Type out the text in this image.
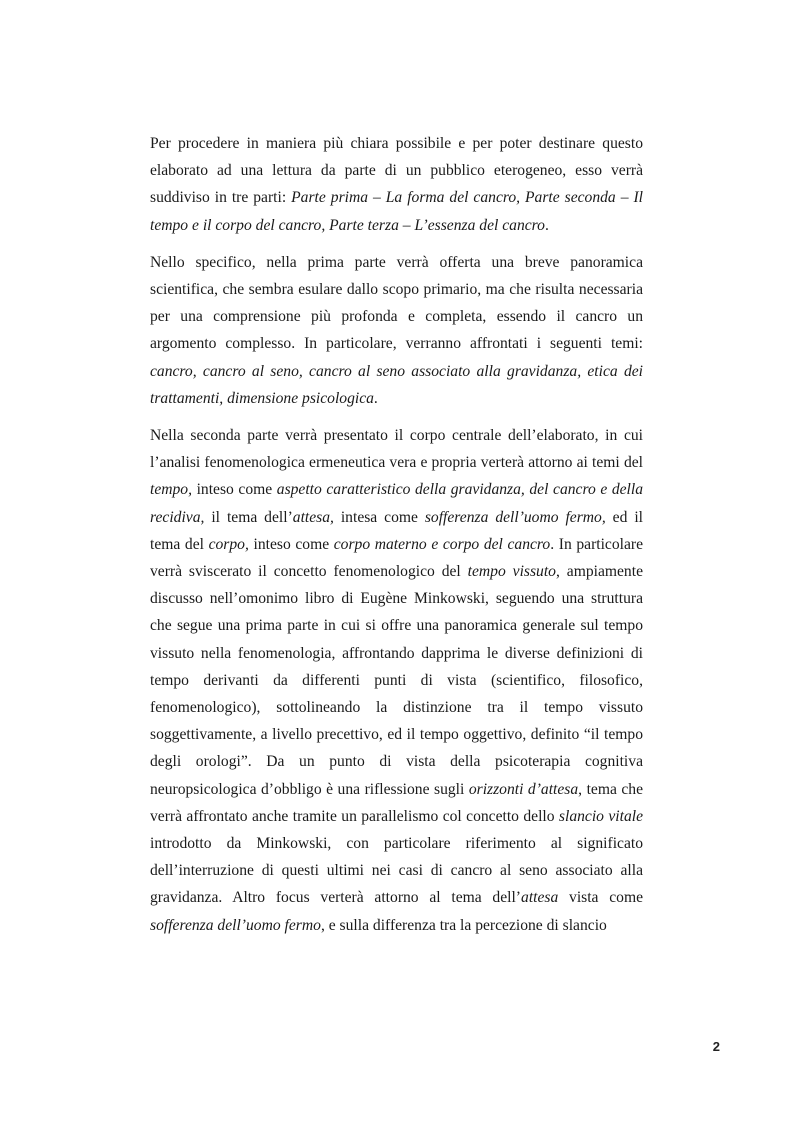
Per procedere in maniera più chiara possibile e per poter destinare questo elaborato ad una lettura da parte di un pubblico eterogeneo, esso verrà suddiviso in tre parti: Parte prima – La forma del cancro, Parte seconda – Il tempo e il corpo del cancro, Parte terza – L’essenza del cancro.

Nello specifico, nella prima parte verrà offerta una breve panoramica scientifica, che sembra esulare dallo scopo primario, ma che risulta necessaria per una comprensione più profonda e completa, essendo il cancro un argomento complesso. In particolare, verranno affrontati i seguenti temi: cancro, cancro al seno, cancro al seno associato alla gravidanza, etica dei trattamenti, dimensione psicologica.

Nella seconda parte verrà presentato il corpo centrale dell’elaborato, in cui l’analisi fenomenologica ermeneutica vera e propria verterà attorno ai temi del tempo, inteso come aspetto caratteristico della gravidanza, del cancro e della recidiva, il tema dell’attesa, intesa come sofferenza dell’uomo fermo, ed il tema del corpo, inteso come corpo materno e corpo del cancro. In particolare verrà sviscerato il concetto fenomenologico del tempo vissuto, ampiamente discusso nell’omonimo libro di Eugène Minkowski, seguendo una struttura che segue una prima parte in cui si offre una panoramica generale sul tempo vissuto nella fenomenologia, affrontando dapprima le diverse definizioni di tempo derivanti da differenti punti di vista (scientifico, filosofico, fenomenologico), sottolineando la distinzione tra il tempo vissuto soggettivamente, a livello precettivo, ed il tempo oggettivo, definito “il tempo degli orologi”. Da un punto di vista della psicoterapia cognitiva neuropsicologica d’obbligo è una riflessione sugli orizzonti d’attesa, tema che verrà affrontato anche tramite un parallelismo col concetto dello slancio vitale introdotto da Minkowski, con particolare riferimento al significato dell’interruzione di questi ultimi nei casi di cancro al seno associato alla gravidanza. Altro focus verterà attorno al tema dell’attesa vista come sofferenza dell’uomo fermo, e sulla differenza tra la percezione di slancio

2
